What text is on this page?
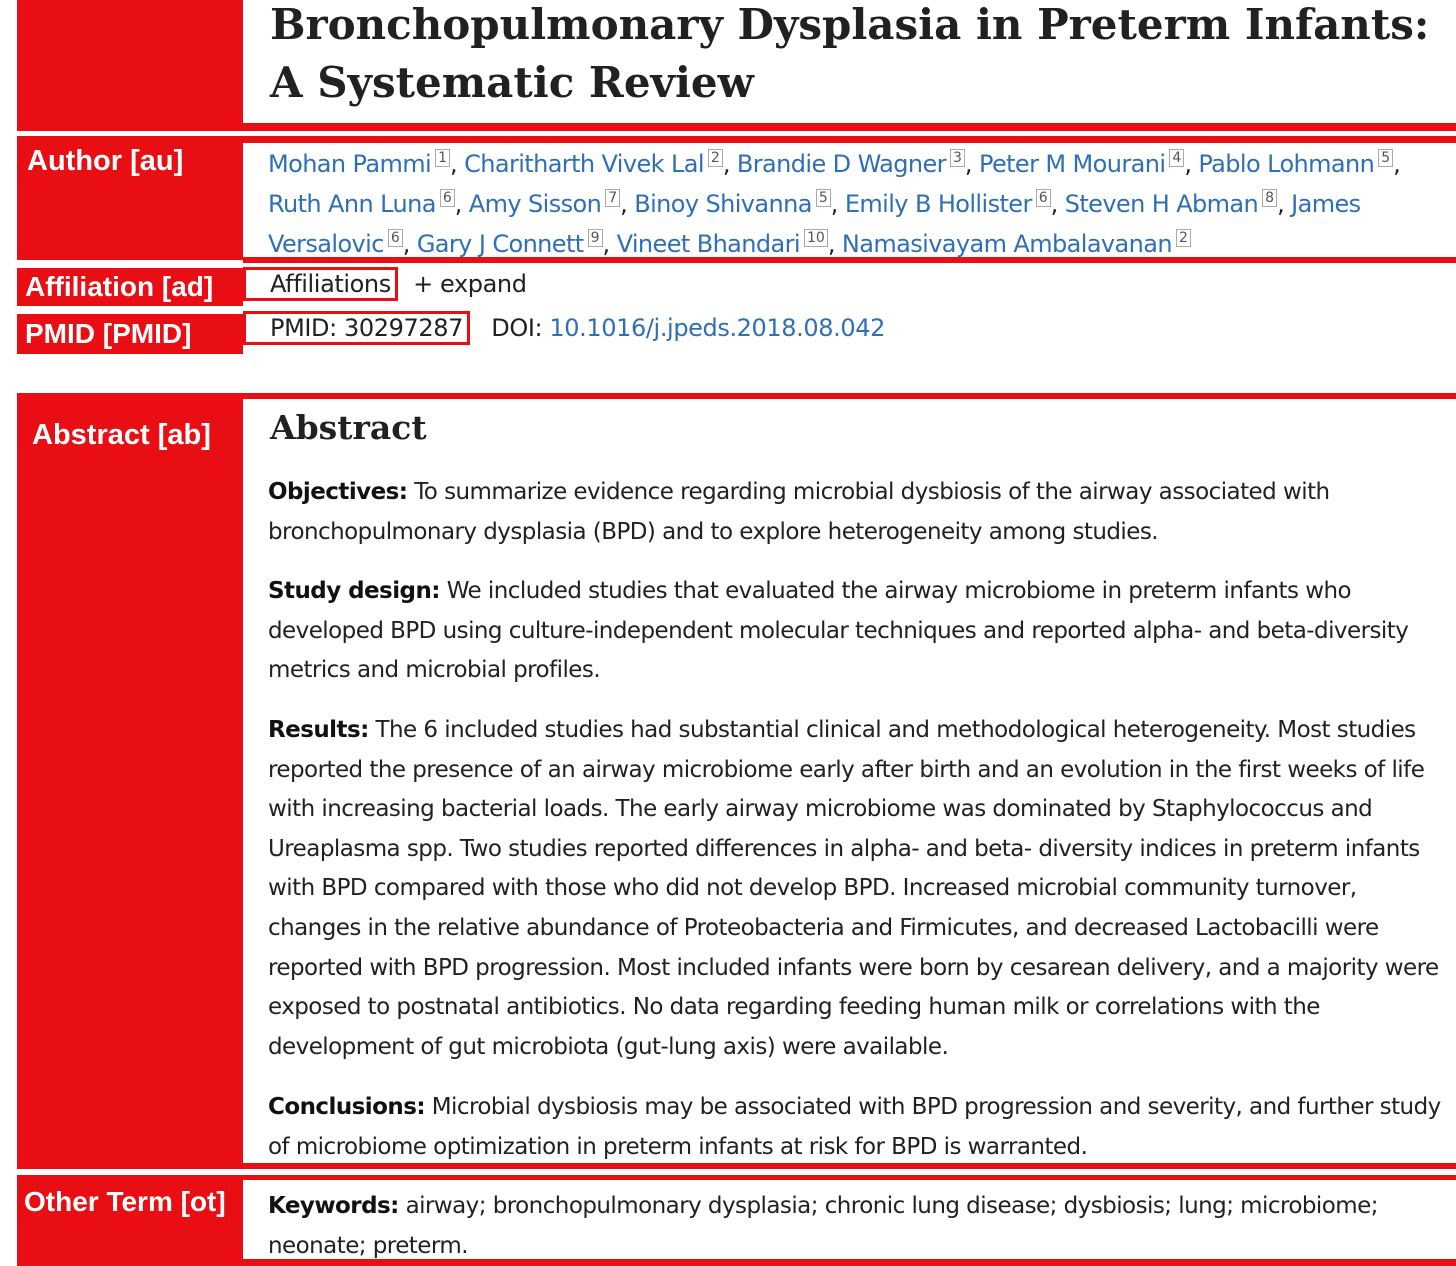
Author [au]
Affiliation [ad]
PMID [PMID]
Abstract [ab]
Other Term [ot]
Bronchopulmonary Dysplasia in Preterm Infants: A Systematic Review
Mohan Pammi $^1$ , Charitharth Vivek Lal $^2$ , Brandie D Wagner $^3$ , Peter M Mourani $^4$ , Pablo Lohmann $^5$ , Ruth Ann Luna $^6$ , Amy Sisson $^7$ , Binoy Shivanna $^5$ , Emily B Hollister $^6$ , Steven H Abman $^8$ , James Versalovic $^6$ , Gary J Connett $^9$ , Vineet Bhandari $^{10}$ , Namasivayam Ambalavanan $^2$
Affiliations + expand
PMID: 30297287 DOI: 10.1016/j.jpeds.2018.08.042
Abstract
Objectives: To summarize evidence regarding microbial dysbiosis of the airway associated with bronchopulmonary dysplasia (BPD) and to explore heterogeneity among studies.
Study design: We included studies that evaluated the airway microbiome in preterm infants who developed BPD using culture-independent molecular techniques and reported alpha- and beta-diversity metrics and microbial profiles.
Results: The 6 included studies had substantial clinical and methodological heterogeneity. Most studies reported the presence of an airway microbiome early after birth and an evolution in the first weeks of life with increasing bacterial loads. The early airway microbiome was dominated by Staphylococcus and Ureaplasma spp. Two studies reported differences in alpha- and beta- diversity indices in preterm infants with BPD compared with those who did not develop BPD. Increased microbial community turnover, changes in the relative abundance of Proteobacteria and Firmicutes, and decreased Lactobacilli were reported with BPD progression. Most included infants were born by cesarean delivery, and a majority were exposed to postnatal antibiotics. No data regarding feeding human milk or correlations with the development of gut microbiota (gut-lung axis) were available.
Conclusions: Microbial dysbiosis may be associated with BPD progression and severity, and further study of microbiome optimization in preterm infants at risk for BPD is warranted.
Keywords: airway; bronchopulmonary dysplasia; chronic lung disease; dysbiosis; lung; microbiome; neonate; preterm.
